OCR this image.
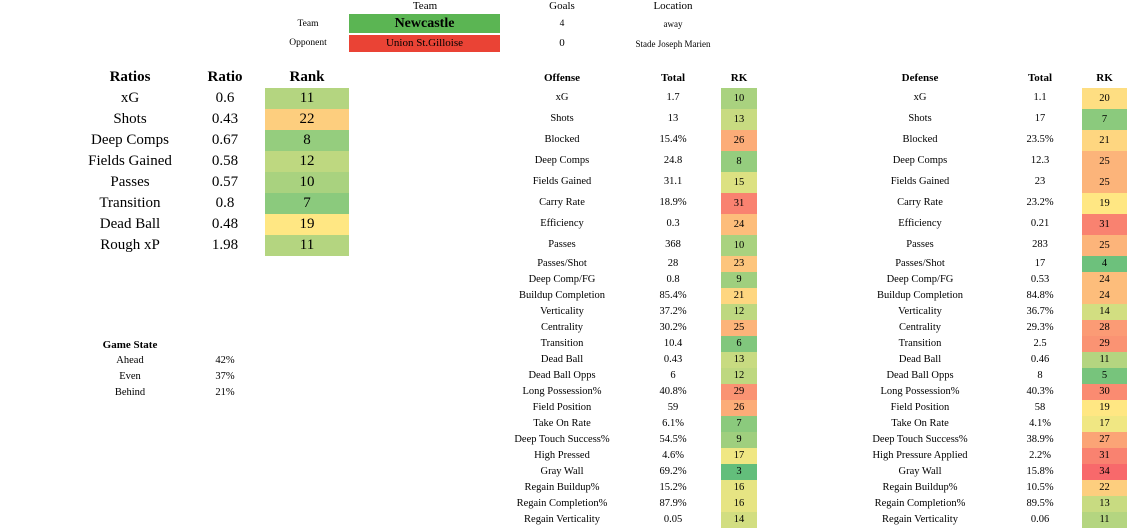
Team	Goals	Location
Team	Newcastle	4	away
Opponent	Union St.Gilloise	0	Stade Joseph Marien
Ratios	Ratio	Rank
xG	0.6	11
Shots	0.43	22
Deep Comps	0.67	8
Fields Gained	0.58	12
Passes	0.57	10
Transition	0.8	7
Dead Ball	0.48	19
Rough xP	1.98	11
Game State
Ahead	42%
Even	37%
Behind	21%
Offense	Total	RK
xG	1.7	10
Shots	13	13
Blocked	15.4%	26
Deep Comps	24.8	8
Fields Gained	31.1	15
Carry Rate	18.9%	31
Efficiency	0.3	24
Passes	368	10
Passes/Shot	28	23
Deep Comp/FG	0.8	9
Buildup Completion	85.4%	21
Verticality	37.2%	12
Centrality	30.2%	25
Transition	10.4	6
Dead Ball	0.43	13
Dead Ball Opps	6	12
Long Possession%	40.8%	29
Field Position	59	26
Take On Rate	6.1%	7
Deep Touch Success%	54.5%	9
High Pressed	4.6%	17
Gray Wall	69.2%	3
Regain Buildup%	15.2%	16
Regain Completion%	87.9%	16
Regain Verticality	0.05	14
Defense	Total	RK
xG	1.1	20
Shots	17	7
Blocked	23.5%	21
Deep Comps	12.3	25
Fields Gained	23	25
Carry Rate	23.2%	19
Efficiency	0.21	31
Passes	283	25
Passes/Shot	17	4
Deep Comp/FG	0.53	24
Buildup Completion	84.8%	24
Verticality	36.7%	14
Centrality	29.3%	28
Transition	2.5	29
Dead Ball	0.46	11
Dead Ball Opps	8	5
Long Possession%	40.3%	30
Field Position	58	19
Take On Rate	4.1%	17
Deep Touch Success%	38.9%	27
High Pressure Applied	2.2%	31
Gray Wall	15.8%	34
Regain Buildup%	10.5%	22
Regain Completion%	89.5%	13
Regain Verticality	0.06	11
